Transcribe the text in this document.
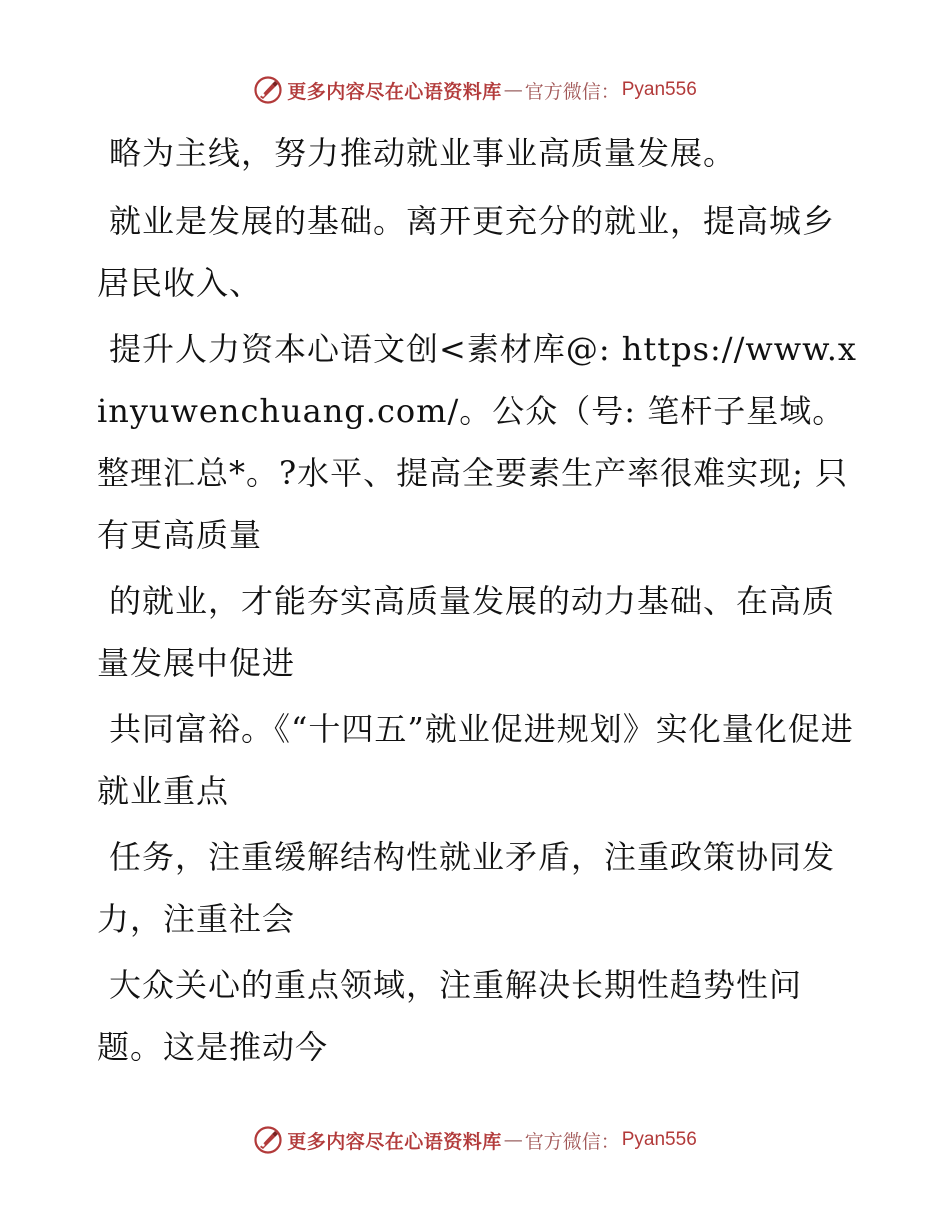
更多内容尽在心语资料库 — 官方微信： Pyan556

略为主线，努力推动就业事业高质量发展。

就业是发展的基础。离开更充分的就业，提高城乡居民收入、

提升人力资本心语文创<素材库@: https://www.xinyuwenchuang.com/。公众（号: 笔杆子星域。整理汇总*。?水平、提高全要素生产率很难实现; 只有更高质量

的就业，才能夯实高质量发展的动力基础、在高质量发展中促进

共同富裕。《“十四五”就业促进规划》实化量化促进就业重点

任务，注重缓解结构性就业矛盾，注重政策协同发力，注重社会

大众关心的重点领域，注重解决长期性趋势性问题。这是推动今

更多内容尽在心语资料库 — 官方微信： Pyan556
